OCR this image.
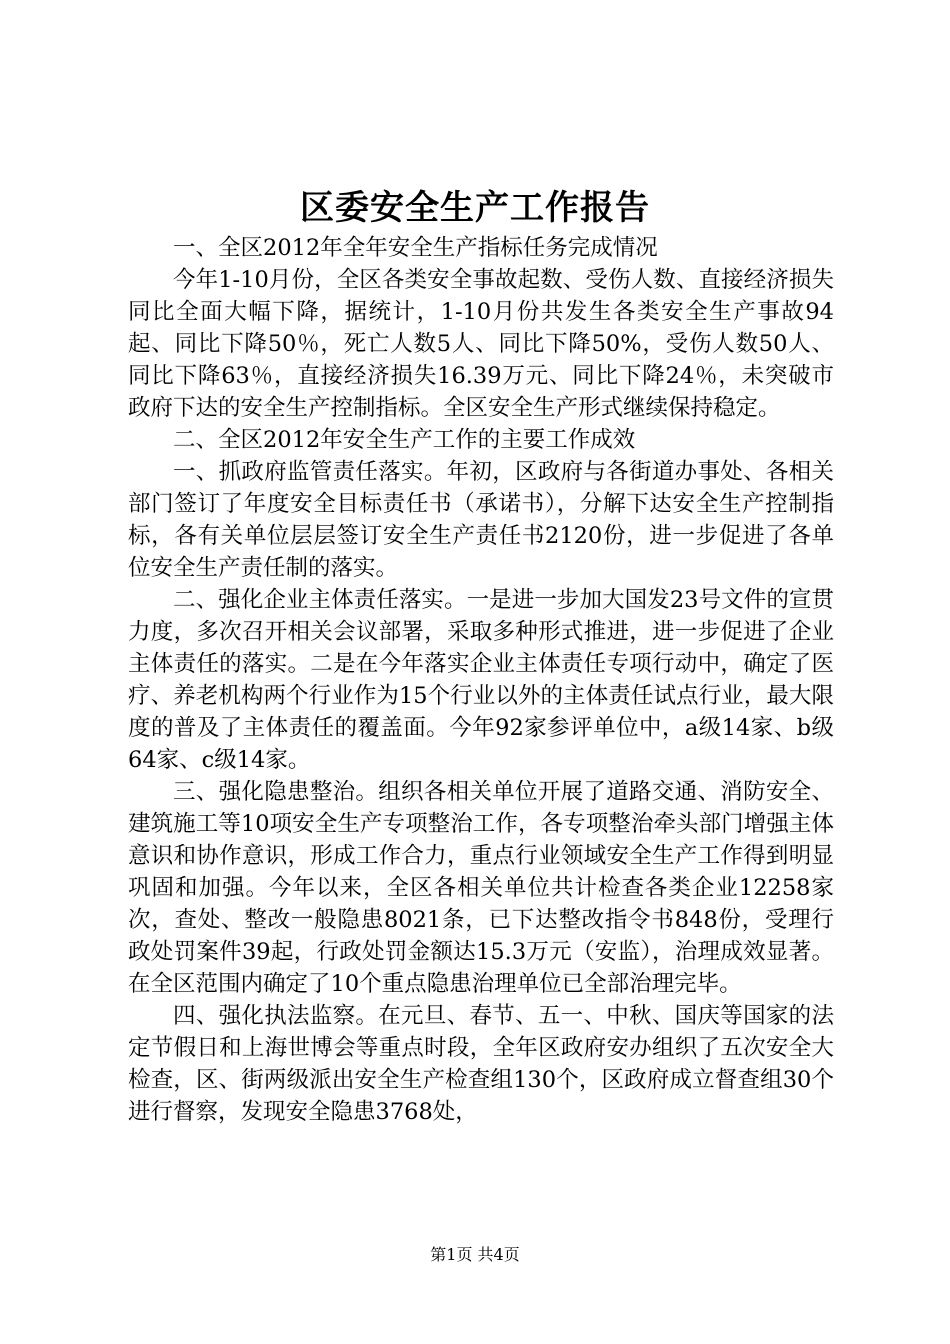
区委安全生产工作报告

一、全区2012年全年安全生产指标任务完成情况

今年1-10月份，全区各类安全事故起数、受伤人数、直接经济损失同比全面大幅下降，据统计，1-10月份共发生各类安全生产事故94起、同比下降50％，死亡人数5人、同比下降50%，受伤人数50人、同比下降63％，直接经济损失16.39万元、同比下降24％，未突破市政府下达的安全生产控制指标。全区安全生产形式继续保持稳定。

二、全区2012年安全生产工作的主要工作成效

一、抓政府监管责任落实。年初，区政府与各街道办事处、各相关部门签订了年度安全目标责任书（承诺书），分解下达安全生产控制指标，各有关单位层层签订安全生产责任书2120份，进一步促进了各单位安全生产责任制的落实。

二、强化企业主体责任落实。一是进一步加大国发23号文件的宣贯力度，多次召开相关会议部署，采取多种形式推进，进一步促进了企业主体责任的落实。二是在今年落实企业主体责任专项行动中，确定了医疗、养老机构两个行业作为15个行业以外的主体责任试点行业，最大限度的普及了主体责任的覆盖面。今年92家参评单位中，a级14家、b级64家、c级14家。

三、强化隐患整治。组织各相关单位开展了道路交通、消防安全、建筑施工等10项安全生产专项整治工作，各专项整治牵头部门增强主体意识和协作意识，形成工作合力，重点行业领域安全生产工作得到明显巩固和加强。今年以来，全区各相关单位共计检查各类企业12258家次，查处、整改一般隐患8021条，已下达整改指令书848份，受理行政处罚案件39起，行政处罚金额达15.3万元（安监），治理成效显著。在全区范围内确定了10个重点隐患治理单位已全部治理完毕。

四、强化执法监察。在元旦、春节、五一、中秋、国庆等国家的法定节假日和上海世博会等重点时段，全年区政府安办组织了五次安全大检查，区、街两级派出安全生产检查组130个，区政府成立督查组30个进行督察，发现安全隐患3768处，

第1页 共4页
